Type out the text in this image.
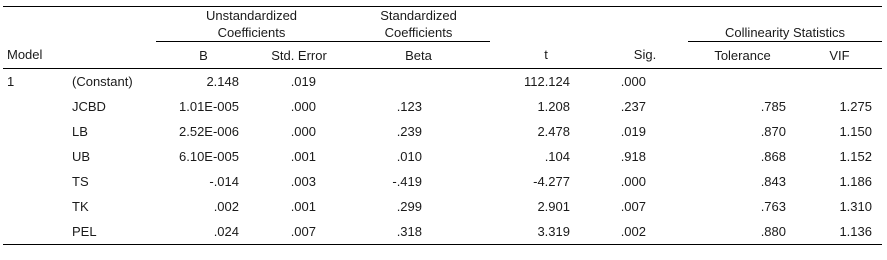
		Unstandardized		Standardized				
		Coefficients		Coefficients			Collinearity Statistics	
Model		B	Std. Error	Beta	t	Sig.	Tolerance	VIF
1	(Constant)	2.148	.019		112.124	.000		
	JCBD	1.01E-005	.000	.123	1.208	.237	.785	1.275
	LB	2.52E-006	.000	.239	2.478	.019	.870	1.150
	UB	6.10E-005	.001	.010	.104	.918	.868	1.152
	TS	-.014	.003	-.419	-4.277	.000	.843	1.186
	TK	.002	.001	.299	2.901	.007	.763	1.310
	PEL	.024	.007	.318	3.319	.002	.880	1.136
